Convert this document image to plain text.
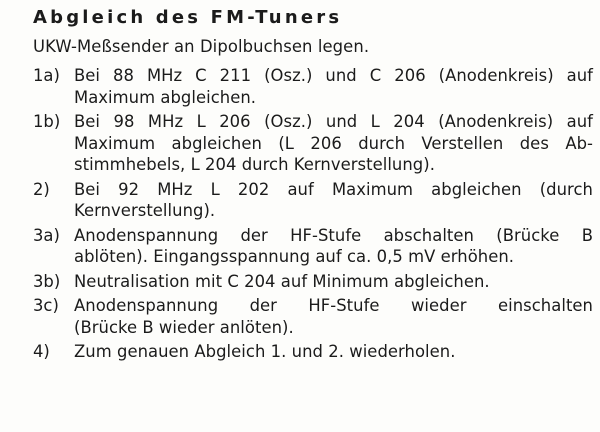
Abgleich des FM-Tuners
UKW-Meßsender an Dipolbuchsen legen.
1a) Bei 88 MHz C 211 (Osz.) und C 206 (Anodenkreis) auf
Maximum abgleichen.
1b) Bei 98 MHz L 206 (Osz.) und L 204 (Anodenkreis) auf
Maximum abgleichen (L 206 durch Verstellen des Ab-
stimmhebels, L 204 durch Kernverstellung).
2) Bei 92 MHz L 202 auf Maximum abgleichen (durch
Kernverstellung).
3a) Anodenspannung der HF-Stufe abschalten (Brücke B
ablöten). Eingangsspannung auf ca. 0,5 mV erhöhen.
3b) Neutralisation mit C 204 auf Minimum abgleichen.
3c) Anodenspannung der HF-Stufe wieder einschalten
(Brücke B wieder anlöten).
4) Zum genauen Abgleich 1. und 2. wiederholen.
